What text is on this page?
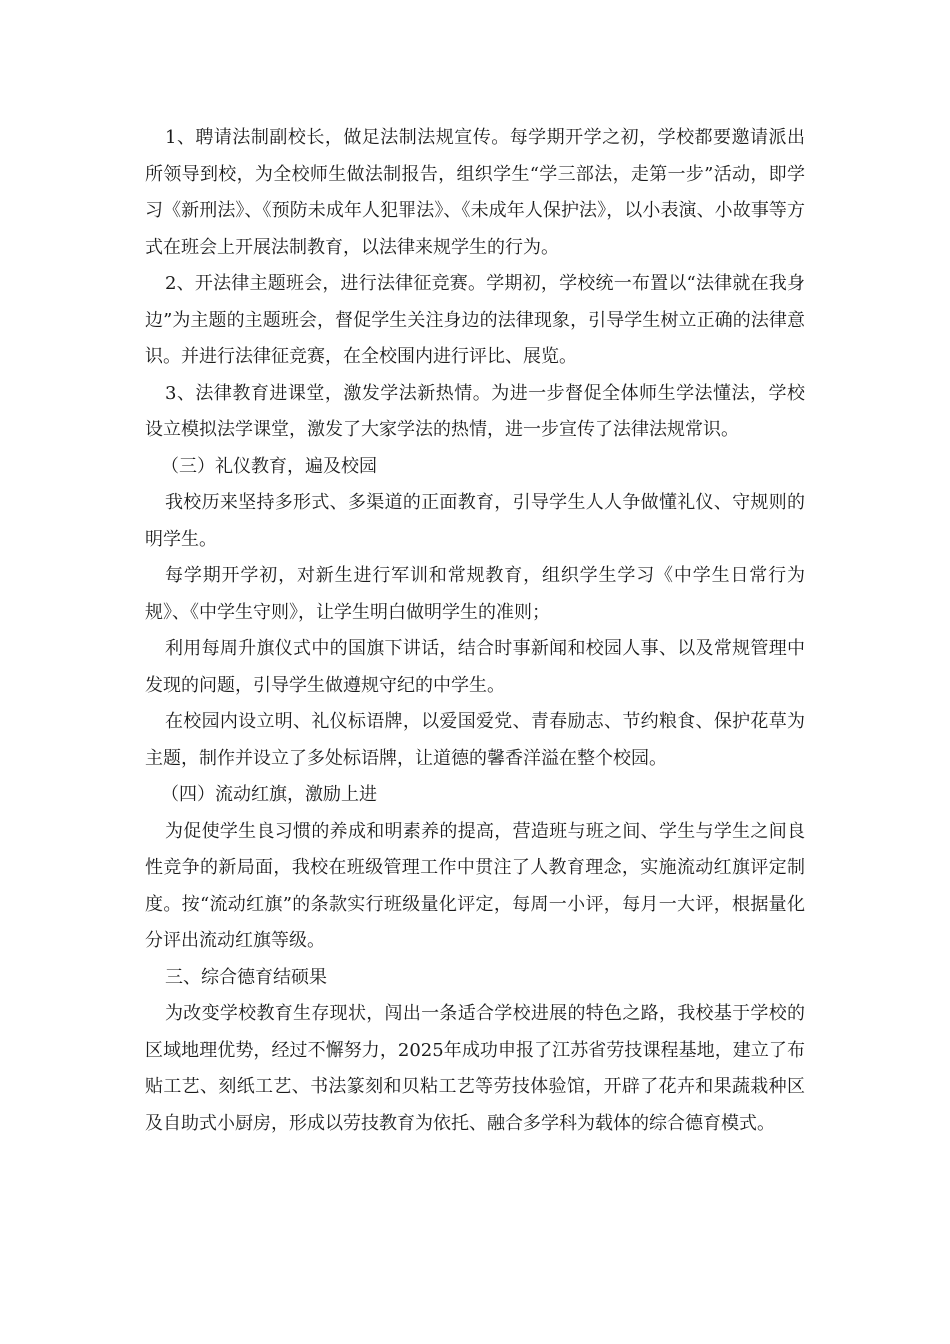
1、聘请法制副校长，做足法制法规宣传。每学期开学之初，学校都要邀请派出所领导到校，为全校师生做法制报告，组织学生“学三部法，走第一步”活动，即学习《新刑法》、《预防未成年人犯罪法》、《未成年人保护法》，以小表演、小故事等方式在班会上开展法制教育，以法律来规学生的行为。

2、开法律主题班会，进行法律征竞赛。学期初，学校统一布置以“法律就在我身边”为主题的主题班会，督促学生关注身边的法律现象，引导学生树立正确的法律意识。并进行法律征竞赛，在全校围内进行评比、展览。

3、法律教育进课堂，激发学法新热情。为进一步督促全体师生学法懂法，学校设立模拟法学课堂，激发了大家学法的热情，进一步宣传了法律法规常识。

（三）礼仪教育，遍及校园

我校历来坚持多形式、多渠道的正面教育，引导学生人人争做懂礼仪、守规则的明学生。

每学期开学初，对新生进行军训和常规教育，组织学生学习《中学生日常行为规》、《中学生守则》，让学生明白做明学生的准则；

利用每周升旗仪式中的国旗下讲话，结合时事新闻和校园人事、以及常规管理中发现的问题，引导学生做遵规守纪的中学生。

在校园内设立明、礼仪标语牌，以爱国爱党、青春励志、节约粮食、保护花草为主题，制作并设立了多处标语牌，让道德的馨香洋溢在整个校园。

（四）流动红旗，激励上进

为促使学生良习惯的养成和明素养的提高，营造班与班之间、学生与学生之间良性竞争的新局面，我校在班级管理工作中贯注了人教育理念，实施流动红旗评定制度。按“流动红旗”的条款实行班级量化评定，每周一小评，每月一大评，根据量化分评出流动红旗等级。

三、综合德育结硕果

为改变学校教育生存现状，闯出一条适合学校进展的特色之路，我校基于学校的区域地理优势，经过不懈努力，2025年成功申报了江苏省劳技课程基地，建立了布贴工艺、刻纸工艺、书法篆刻和贝粘工艺等劳技体验馆，开辟了花卉和果蔬栽种区及自助式小厨房，形成以劳技教育为依托、融合多学科为载体的综合德育模式。
